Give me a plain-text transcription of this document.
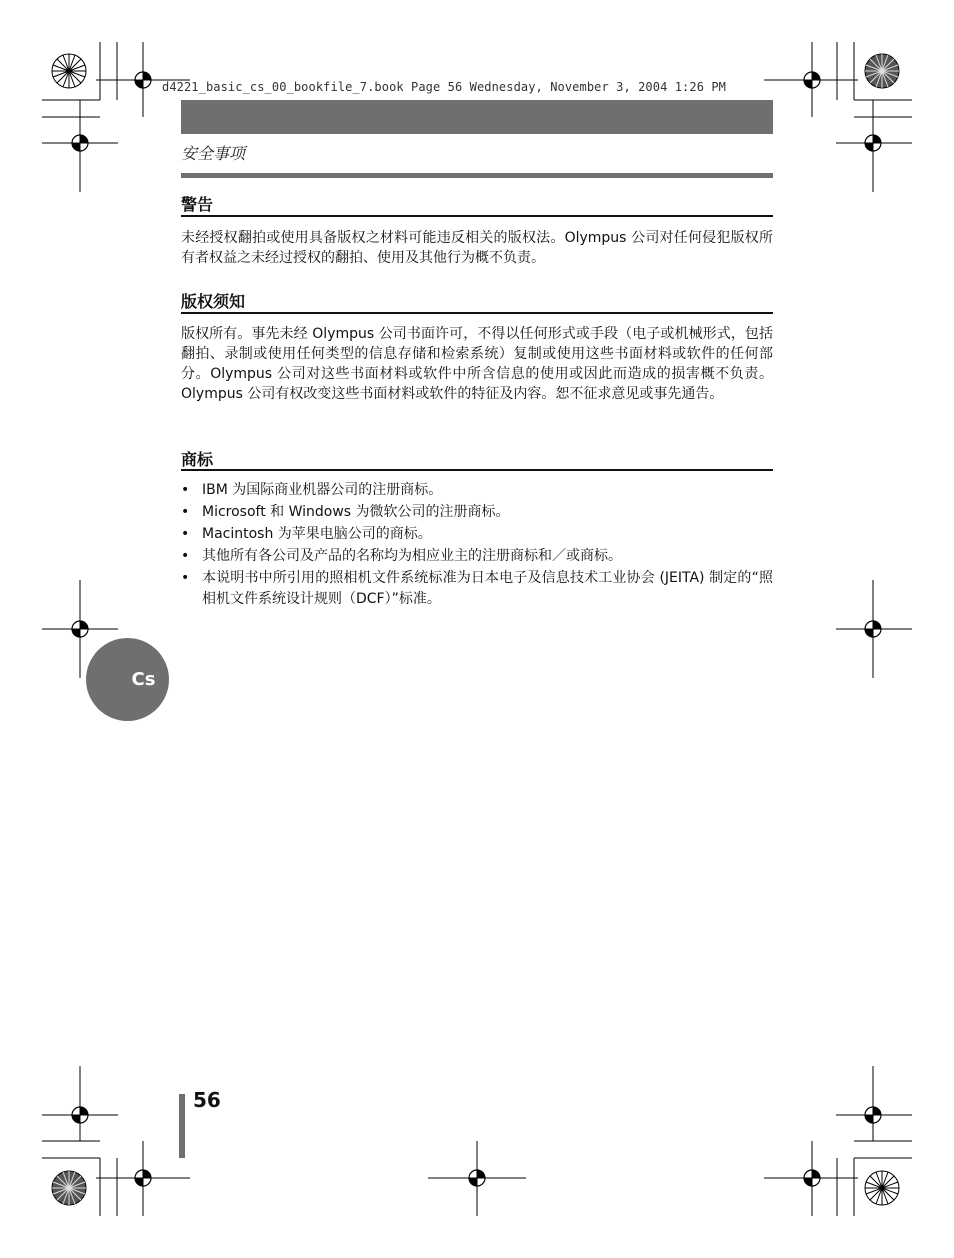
d4221_basic_cs_00_bookfile_7.book Page 56 Wednesday, November 3, 2004 1:26 PM
安全事项
警告

未经授权翻拍或使用具备版权之材料可能违反相关的版权法。Olympus 公司对任何侵犯版权所有者权益之未经过授权的翻拍、使用及其他行为概不负责。

版权须知

版权所有。事先未经 Olympus 公司书面许可，不得以任何形式或手段（电子或机械形式，包括翻拍、录制或使用任何类型的信息存储和检索系统）复制或使用这些书面材料或软件的任何部分。Olympus 公司对这些书面材料或软件中所含信息的使用或因此而造成的损害概不负责。Olympus 公司有权改变这些书面材料或软件的特征及内容。恕不征求意见或事先通告。

商标
• IBM 为国际商业机器公司的注册商标。
• Microsoft 和 Windows 为微软公司的注册商标。
• Macintosh 为苹果电脑公司的商标。
• 其他所有各公司及产品的名称均为相应业主的注册商标和／或商标。
• 本说明书中所引用的照相机文件系统标准为日本电子及信息技术工业协会 (JEITA) 制定的“照相机文件系统设计规则（DCF）”标准。
Cs
56
